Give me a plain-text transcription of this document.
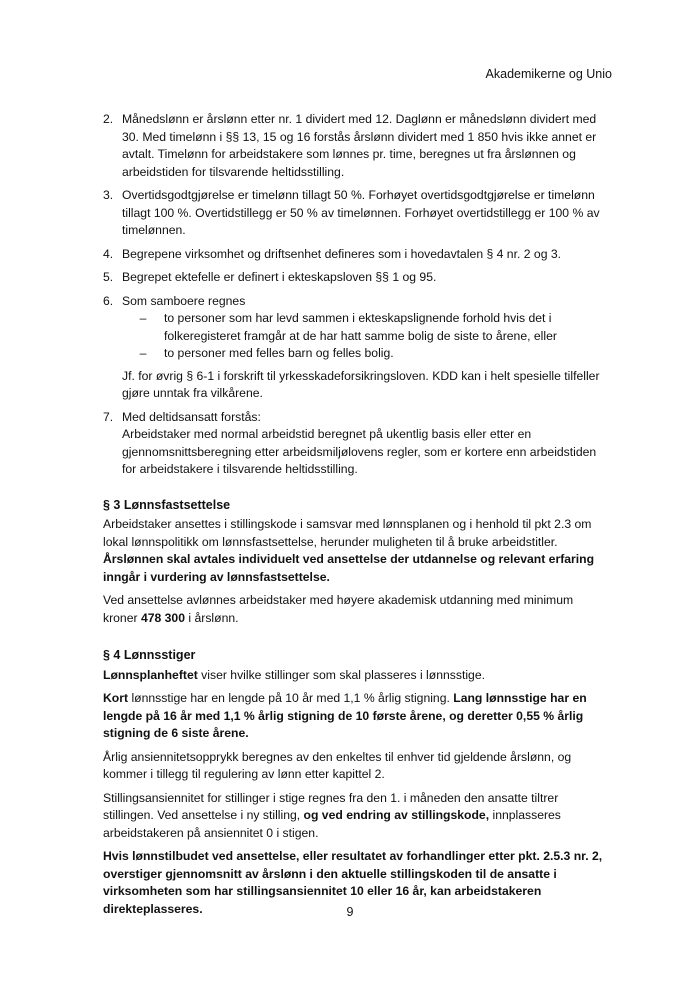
Akademikerne og Unio
2. Månedslønn er årslønn etter nr. 1 dividert med 12. Daglønn er månedslønn dividert med 30. Med timelønn i §§ 13, 15 og 16 forstås årslønn dividert med 1 850 hvis ikke annet er avtalt. Timelønn for arbeidstakere som lønnes pr. time, beregnes ut fra årslønnen og arbeidstiden for tilsvarende heltidsstilling.
3. Overtidsgodtgjørelse er timelønn tillagt 50 %. Forhøyet overtidsgodtgjørelse er timelønn tillagt 100 %. Overtidstillegg er 50 % av timelønnen. Forhøyet overtidstillegg er 100 % av timelønnen.
4. Begrepene virksomhet og driftsenhet defineres som i hovedavtalen § 4 nr. 2 og 3.
5. Begrepet ektefelle er definert i ekteskapsloven §§ 1 og 95.
6. Som samboere regnes
–	to personer som har levd sammen i ekteskapslignende forhold hvis det i folkeregisteret framgår at de har hatt samme bolig de siste to årene, eller
–	to personer med felles barn og felles bolig.
Jf. for øvrig § 6-1 i forskrift til yrkesskadeforsikringsloven. KDD kan i helt spesielle tilfeller gjøre unntak fra vilkårene.
7. Med deltidsansatt forstås:
Arbeidstaker med normal arbeidstid beregnet på ukentlig basis eller etter en gjennomsnittsberegning etter arbeidsmiljølovens regler, som er kortere enn arbeidstiden for arbeidstakere i tilsvarende heltidsstilling.
§ 3 Lønnsfastsettelse

Arbeidstaker ansettes i stillingskode i samsvar med lønnsplanen og i henhold til pkt 2.3 om lokal lønnspolitikk om lønnsfastsettelse, herunder muligheten til å bruke arbeidstitler. Årslønnen skal avtales individuelt ved ansettelse der utdannelse og relevant erfaring inngår i vurdering av lønnsfastsettelse.

Ved ansettelse avlønnes arbeidstaker med høyere akademisk utdanning med minimum kroner 478 300 i årslønn.

§ 4 Lønnsstiger

Lønnsplanheftet viser hvilke stillinger som skal plasseres i lønnsstige.

Kort lønnsstige har en lengde på 10 år med 1,1 % årlig stigning. Lang lønnsstige har en lengde på 16 år med 1,1 % årlig stigning de 10 første årene, og deretter 0,55 % årlig stigning de 6 siste årene.

Årlig ansiennitetsopprykk beregnes av den enkeltes til enhver tid gjeldende årslønn, og kommer i tillegg til regulering av lønn etter kapittel 2.

Stillingsansiennitet for stillinger i stige regnes fra den 1. i måneden den ansatte tiltrer stillingen. Ved ansettelse i ny stilling, og ved endring av stillingskode, innplasseres arbeidstakeren på ansiennitet 0 i stigen.

Hvis lønnstilbudet ved ansettelse, eller resultatet av forhandlinger etter pkt. 2.5.3 nr. 2, overstiger gjennomsnitt av årslønn i den aktuelle stillingskoden til de ansatte i virksomheten som har stillingsansiennitet 10 eller 16 år, kan arbeidstakeren direkteplasseres.	9
